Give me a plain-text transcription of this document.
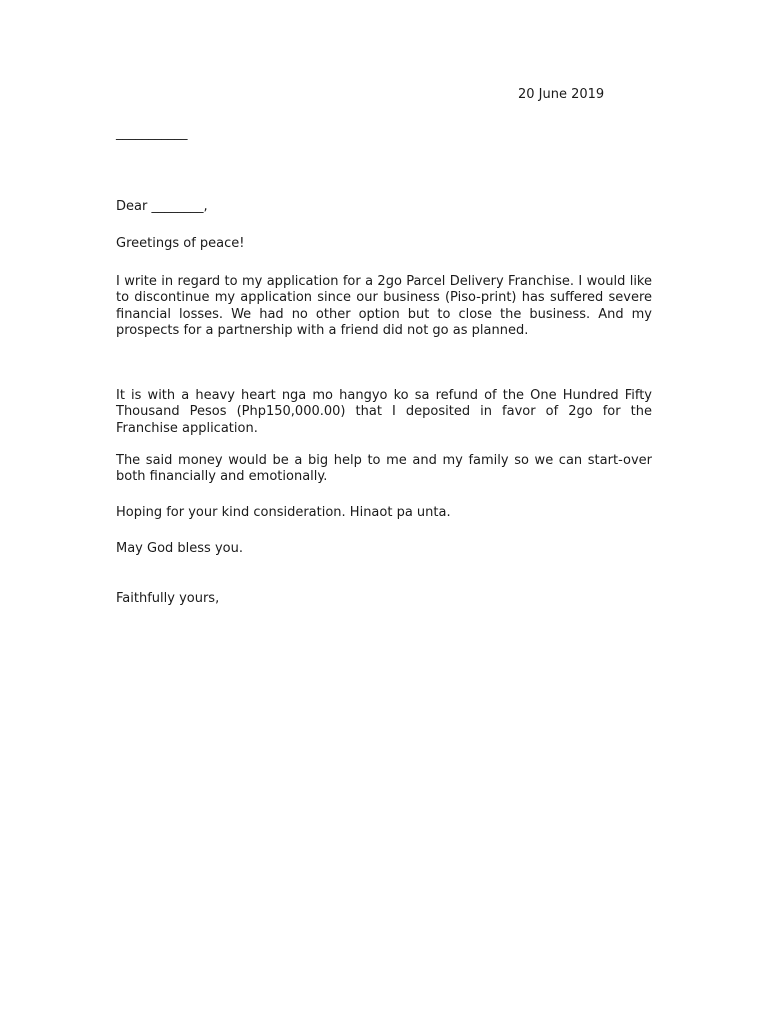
20 June 2019
___________
Dear ________,

Greetings of peace!

I write in regard to my application for a 2go Parcel Delivery Franchise. I would like to discontinue my application since our business (Piso-print) has suffered severe financial losses. We had no other option but to close the business. And my prospects for a partnership with a friend did not go as planned.

It is with a heavy heart nga mo hangyo ko sa refund of the One Hundred Fifty Thousand Pesos (Php150,000.00) that I deposited in favor of 2go for the Franchise application.

The said money would be a big help to me and my family so we can start-over both financially and emotionally.

Hoping for your kind consideration. Hinaot pa unta.

May God bless you.

Faithfully yours,
